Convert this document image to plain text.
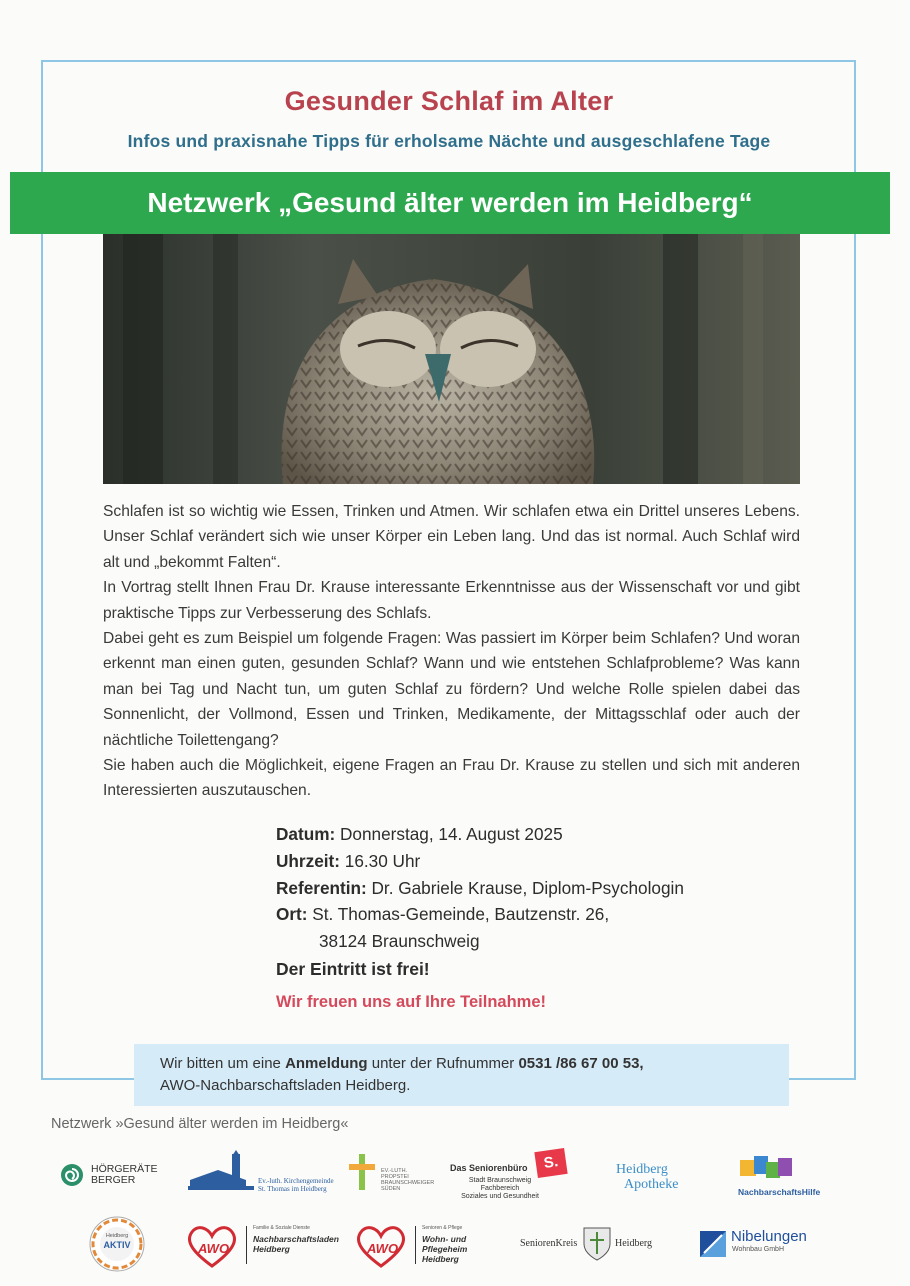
Gesunder Schlaf im Alter
Infos und praxisnahe Tipps für erholsame Nächte und ausgeschlafene Tage
Netzwerk „Gesund älter werden im Heidberg“

Schlafen ist so wichtig wie Essen, Trinken und Atmen. Wir schlafen etwa ein Drittel unseres Lebens. Unser Schlaf verändert sich wie unser Körper ein Leben lang. Und das ist normal. Auch Schlaf wird alt und „bekommt Falten“.

In Vortrag stellt Ihnen Frau Dr. Krause interessante Erkenntnisse aus der Wissenschaft vor und gibt praktische Tipps zur Verbesserung des Schlafs.

Dabei geht es zum Beispiel um folgende Fragen: Was passiert im Körper beim Schlafen? Und woran erkennt man einen guten, gesunden Schlaf? Wann und wie entstehen Schlafprobleme? Was kann man bei Tag und Nacht tun, um guten Schlaf zu fördern? Und welche Rolle spielen dabei das Sonnenlicht, der Vollmond, Essen und Trinken, Medikamente, der Mittagsschlaf oder auch der nächtliche Toilettengang?

Sie haben auch die Möglichkeit, eigene Fragen an Frau Dr. Krause zu stellen und sich mit anderen Interessierten auszutauschen.

Datum: Donnerstag, 14. August 2025
Uhrzeit: 16.30 Uhr
Referentin: Dr. Gabriele Krause, Diplom-Psychologin
Ort: St. Thomas-Gemeinde, Bautzenstr. 26,
38124 Braunschweig
Der Eintritt ist frei!
Wir freuen uns auf Ihre Teilnahme!
Wir bitten um eine Anmeldung unter der Rufnummer 0531 /86 67 00 53,
AWO-Nachbarschaftsladen Heidberg.
Netzwerk »Gesund älter werden im Heidberg«
HÖRGERÄTE
BERGER	Ev.-luth. Kirchengemeinde
St. Thomas im Heidberg
EV.-LUTH.
PROPSTEI
BRAUNSCHWEIGER
SÜDEN
Das Seniorenbüro	S.
Stadt Braunschweig
Fachbereich
Soziales und Gesundheit
Heidberg
Apotheke	NachbarschaftsHilfe
Heidberg
AKTIV	AWO
Familie & Soziale Dienste
Nachbarschaftsladen
Heidberg	AWO
Senioren & Pflege
Wohn- und Pflegeheim
Heidberg
SeniorenKreis	Heidberg	Nibelungen
Wohnbau GmbH
